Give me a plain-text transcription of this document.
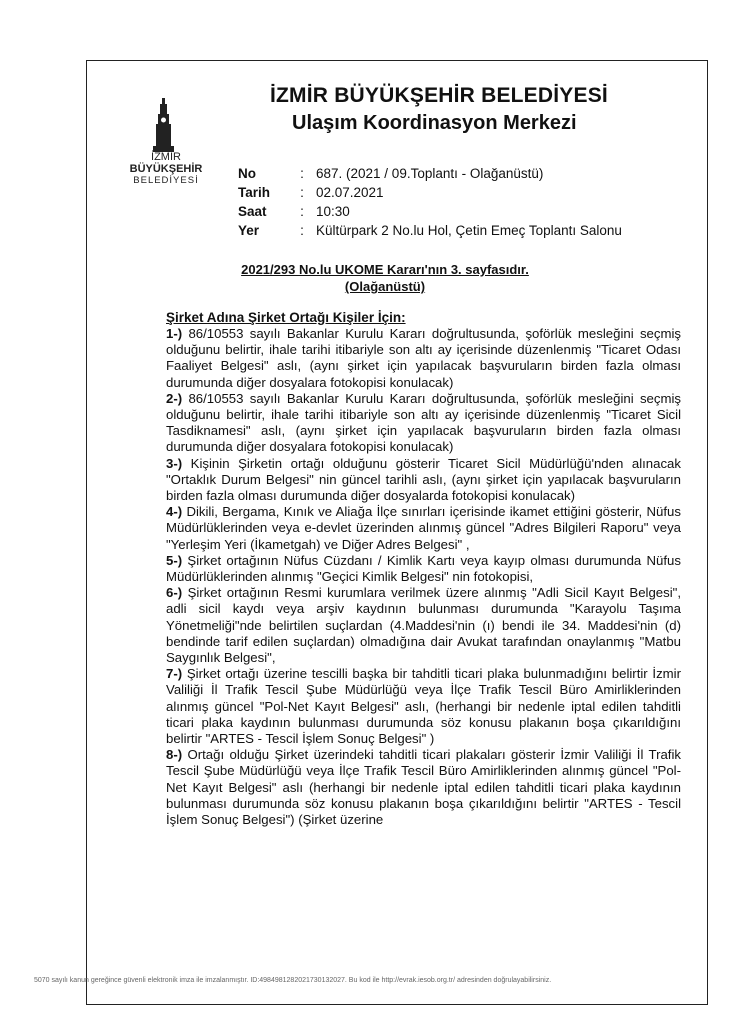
İZMİR
BÜYÜKŞEHİR
BELEDİYESİ
İZMİR BÜYÜKŞEHİR BELEDİYESİ
Ulaşım Koordinasyon Merkezi
No	: 687. (2021 / 09.Toplantı - Olağanüstü)
Tarih	: 02.07.2021
Saat	: 10:30
Yer	: Kültürpark 2 No.lu Hol, Çetin Emeç Toplantı Salonu
2021/293 No.lu UKOME Kararı'nın 3. sayfasıdır.
(Olağanüstü)
Şirket Adına Şirket Ortağı Kişiler İçin:

1-) 86/10553 sayılı Bakanlar Kurulu Kararı doğrultusunda, şoförlük mesleğini seçmiş olduğunu belirtir, ihale tarihi itibariyle son altı ay içerisinde düzenlenmiş "Ticaret Odası Faaliyet Belgesi" aslı, (aynı şirket için yapılacak başvuruların birden fazla olması durumunda diğer dosyalara fotokopisi konulacak)

2-) 86/10553 sayılı Bakanlar Kurulu Kararı doğrultusunda, şoförlük mesleğini seçmiş olduğunu belirtir, ihale tarihi itibariyle son altı ay içerisinde düzenlenmiş "Ticaret Sicil Tasdiknamesi" aslı, (aynı şirket için yapılacak başvuruların birden fazla olması durumunda diğer dosyalara fotokopisi konulacak)

3-) Kişinin Şirketin ortağı olduğunu gösterir Ticaret Sicil Müdürlüğü'nden alınacak "Ortaklık Durum Belgesi" nin güncel tarihli aslı, (aynı şirket için yapılacak başvuruların birden fazla olması durumunda diğer dosyalarda fotokopisi konulacak)

4-) Dikili, Bergama, Kınık ve Aliağa İlçe sınırları içerisinde ikamet ettiğini gösterir, Nüfus Müdürlüklerinden veya e-devlet üzerinden alınmış güncel "Adres Bilgileri Raporu" veya "Yerleşim Yeri (İkametgah) ve Diğer Adres Belgesi" ,

5-) Şirket ortağının Nüfus Cüzdanı / Kimlik Kartı veya kayıp olması durumunda Nüfus Müdürlüklerinden alınmış "Geçici Kimlik Belgesi" nin fotokopisi,

6-) Şirket ortağının Resmi kurumlara verilmek üzere alınmış "Adli Sicil Kayıt Belgesi", adli sicil kaydı veya arşiv kaydının bulunması durumunda "Karayolu Taşıma Yönetmeliği"nde belirtilen suçlardan (4.Maddesi'nin (ı) bendi ile 34. Maddesi'nin (d) bendinde tarif edilen suçlardan) olmadığına dair Avukat tarafından onaylanmış "Matbu Saygınlık Belgesi",

7-) Şirket ortağı üzerine tescilli başka bir tahditli ticari plaka bulunmadığını belirtir İzmir Valiliği İl Trafik Tescil Şube Müdürlüğü veya İlçe Trafik Tescil Büro Amirliklerinden alınmış güncel "Pol-Net Kayıt Belgesi" aslı, (herhangi bir nedenle iptal edilen tahditli ticari plaka kaydının bulunması durumunda söz konusu plakanın boşa çıkarıldığını belirtir "ARTES - Tescil İşlem Sonuç Belgesi" )

8-) Ortağı olduğu Şirket üzerindeki tahditli ticari plakaları gösterir İzmir Valiliği İl Trafik Tescil Şube Müdürlüğü veya İlçe Trafik Tescil Büro Amirliklerinden alınmış güncel "Pol-Net Kayıt Belgesi" aslı (herhangi bir nedenle iptal edilen tahditli ticari plaka kaydının bulunması durumunda söz konusu plakanın boşa çıkarıldığını belirtir "ARTES - Tescil İşlem Sonuç Belgesi") (Şirket üzerine

5070 sayılı kanun gereğince güvenli elektronik imza ile imzalanmıştır. ID:49849812820217301320​27. Bu kod ile http://evrak.iesob.org.tr/ adresinden doğrulayabilirsiniz.
